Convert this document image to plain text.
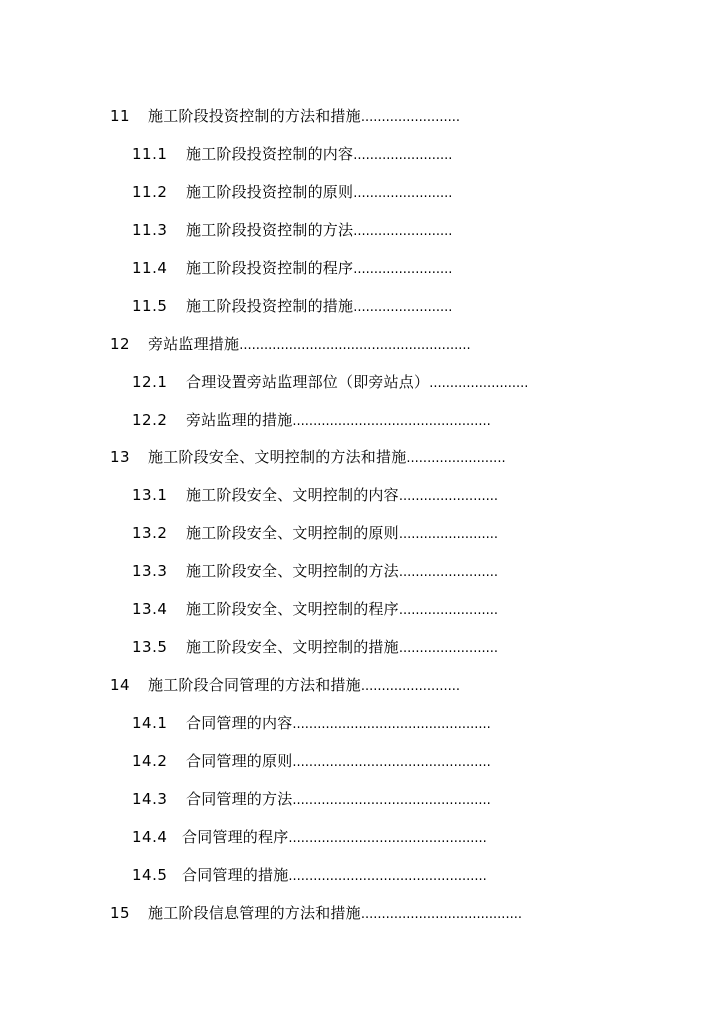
11 施工阶段投资控制的方法和措施........................
11.1 施工阶段投资控制的内容........................
11.2 施工阶段投资控制的原则........................
11.3 施工阶段投资控制的方法........................
11.4 施工阶段投资控制的程序........................
11.5 施工阶段投资控制的措施........................
12 旁站监理措施........................................................
12.1 合理设置旁站监理部位（即旁站点）........................
12.2 旁站监理的措施................................................
13 施工阶段安全、文明控制的方法和措施........................
13.1 施工阶段安全、文明控制的内容........................
13.2 施工阶段安全、文明控制的原则........................
13.3 施工阶段安全、文明控制的方法........................
13.4 施工阶段安全、文明控制的程序........................
13.5 施工阶段安全、文明控制的措施........................
14 施工阶段合同管理的方法和措施........................
14.1 合同管理的内容................................................
14.2 合同管理的原则................................................
14.3 合同管理的方法................................................
14.4 合同管理的程序................................................
14.5 合同管理的措施................................................
15 施工阶段信息管理的方法和措施.......................................
